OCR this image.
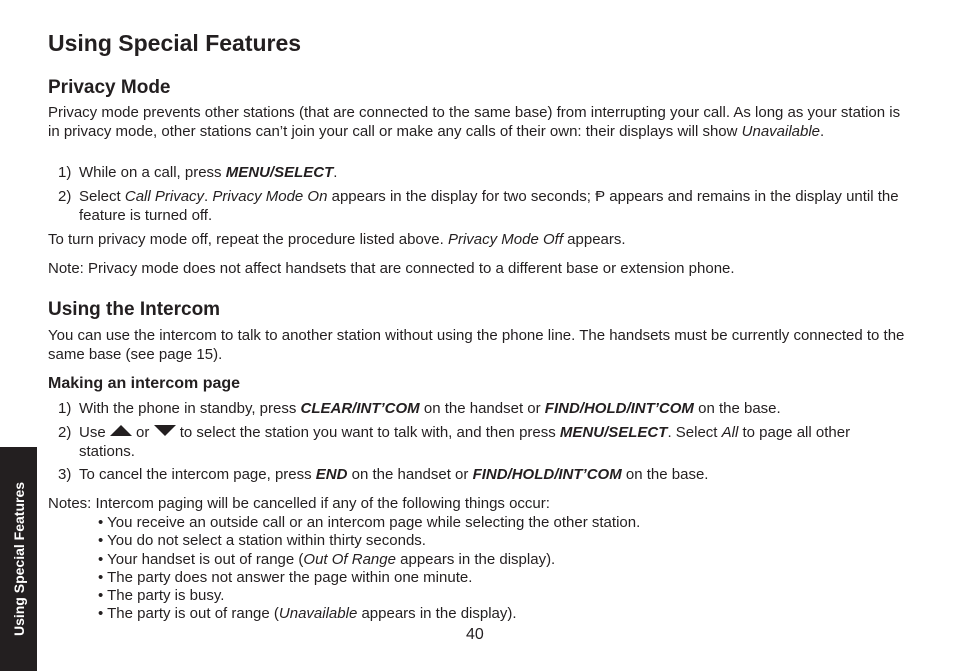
Using Special Features
Privacy Mode

Privacy mode prevents other stations (that are connected to the same base) from interrupting your call. As long as your station is in privacy mode, other stations can’t join your call or make any calls of their own: their displays will show Unavailable.

1) While on a call, press MENU/SELECT.
2) Select Call Privacy. Privacy Mode On appears in the display for two seconds; Ᵽ appears and remains in the display until the feature is turned off.

To turn privacy mode off, repeat the procedure listed above. Privacy Mode Off appears.

Note: Privacy mode does not affect handsets that are connected to a different base or extension phone.

Using the Intercom

You can use the intercom to talk to another station without using the phone line. The handsets must be currently connected to the same base (see page 15).

Making an intercom page
1) With the phone in standby, press CLEAR/INT’COM on the handset or FIND/HOLD/INT’COM on the base.
2) Use  or  to select the station you want to talk with, and then press MENU/SELECT. Select All to page all other stations.
3) To cancel the intercom page, press END on the handset or FIND/HOLD/INT’COM on the base.

Notes: Intercom paging will be cancelled if any of the following things occur:

• You receive an outside call or an intercom page while selecting the other station.
• You do not select a station within thirty seconds.
• Your handset is out of range (Out Of Range appears in the display).
• The party does not answer the page within one minute.
• The party is busy.
• The party is out of range (Unavailable appears in the display).
40
Using Special Features
